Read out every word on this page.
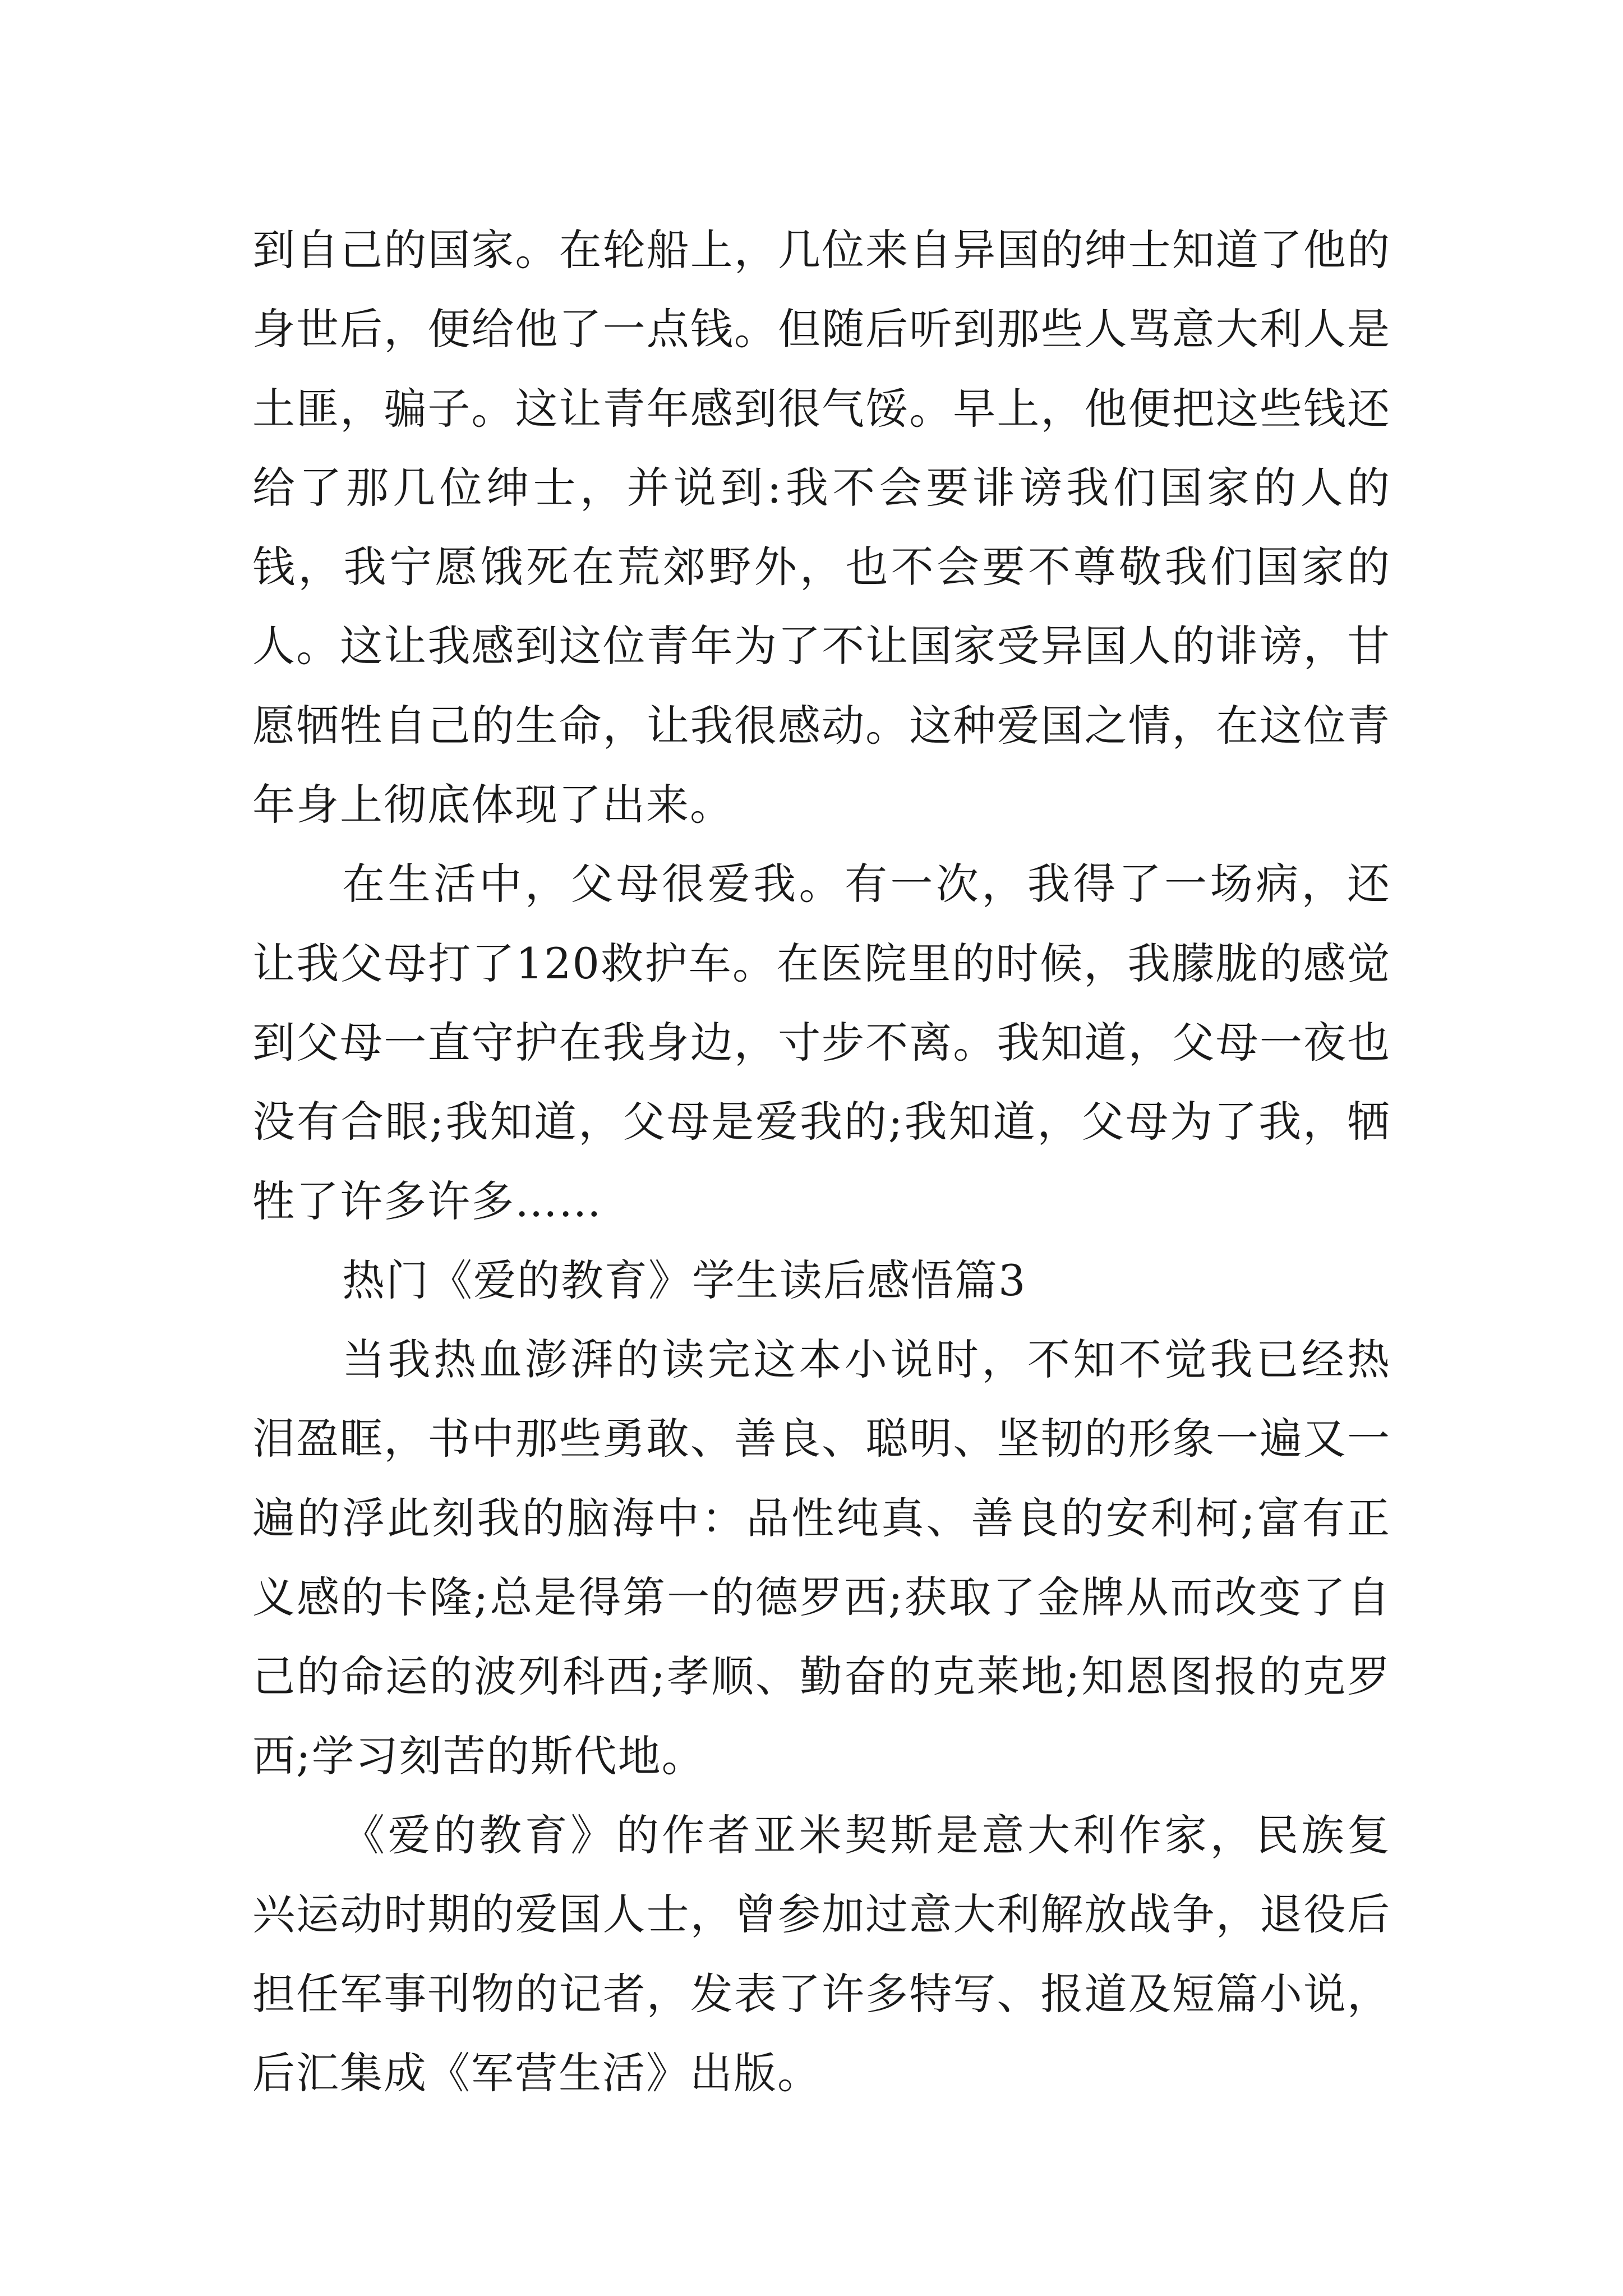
到自己的国家。在轮船上，几位来自异国的绅士知道了他的身世后，便给他了一点钱。但随后听到那些人骂意大利人是土匪，骗子。这让青年感到很气馁。早上，他便把这些钱还给了那几位绅士，并说到:我不会要诽谤我们国家的人的钱，我宁愿饿死在荒郊野外，也不会要不尊敬我们国家的人。这让我感到这位青年为了不让国家受异国人的诽谤，甘愿牺牲自己的生命，让我很感动。这种爱国之情，在这位青年身上彻底体现了出来。

在生活中，父母很爱我。有一次，我得了一场病，还让我父母打了120救护车。在医院里的时候，我朦胧的感觉到父母一直守护在我身边，寸步不离。我知道，父母一夜也没有合眼;我知道，父母是爱我的;我知道，父母为了我，牺牲了许多许多……

热门《爱的教育》学生读后感悟篇3

当我热血澎湃的读完这本小说时，不知不觉我已经热泪盈眶，书中那些勇敢、善良、聪明、坚韧的形象一遍又一遍的浮此刻我的脑海中：品性纯真、善良的安利柯;富有正义感的卡隆;总是得第一的德罗西;获取了金牌从而改变了自己的命运的波列科西;孝顺、勤奋的克莱地;知恩图报的克罗西;学习刻苦的斯代地。

《爱的教育》的作者亚米契斯是意大利作家，民族复兴运动时期的爱国人士，曾参加过意大利解放战争，退役后担任军事刊物的记者，发表了许多特写、报道及短篇小说，后汇集成《军营生活》出版。
